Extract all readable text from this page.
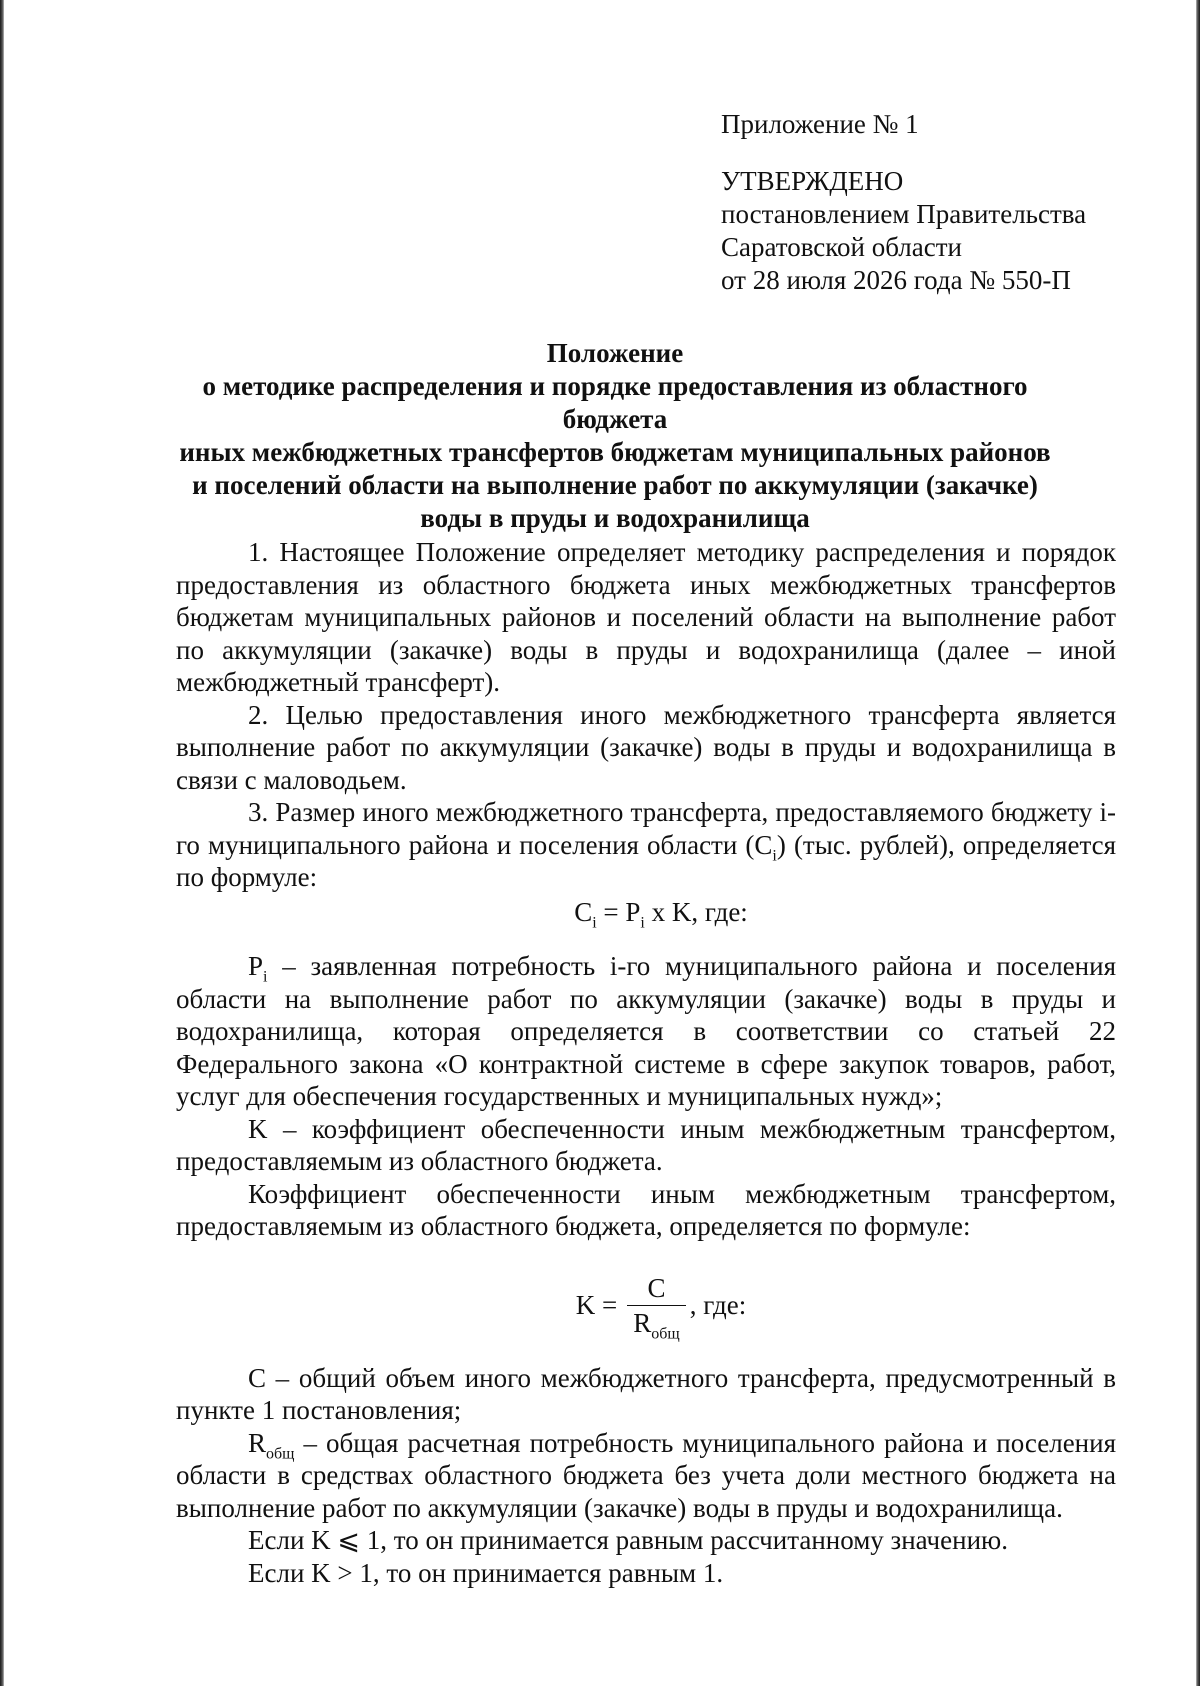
Приложение № 1
УТВЕРЖДЕНО
постановлением Правительства
Саратовской области
от 28 июля 2026 года № 550-П
Положение
о методике распределения и порядке предоставления из областного бюджета
иных межбюджетных трансфертов бюджетам муниципальных районов
и поселений области на выполнение работ по аккумуляции (закачке)
воды в пруды и водохранилища

1. Настоящее Положение определяет методику распределения и порядок предоставления из областного бюджета иных межбюджетных трансфертов бюджетам муниципальных районов и поселений области на выполнение работ по аккумуляции (закачке) воды в пруды и водохранилища (далее – иной межбюджетный трансферт).

2. Целью предоставления иного межбюджетного трансферта является выполнение работ по аккумуляции (закачке) воды в пруды и водохранилища в связи с маловодьем.

3. Размер иного межбюджетного трансферта, предоставляемого бюджету i-го муниципального района и поселения области $(C_i)$ (тыс. рублей), определяется по формуле:

$C_i = P_i$ x K, где:

$P_i$ – заявленная потребность i-го муниципального района и поселения области на выполнение работ по аккумуляции (закачке) воды в пруды и водохранилища, которая определяется в соответствии со статьей 22 Федерального закона «О контрактной системе в сфере закупок товаров, работ, услуг для обеспечения государственных и муниципальных нужд»;

K – коэффициент обеспеченности иным межбюджетным трансфертом, предоставляемым из областного бюджета.

Коэффициент обеспеченности иным межбюджетным трансфертом, предоставляемым из областного бюджета, определяется по формуле:

$K = \frac{C}{R_{общ}}$ , где:

C – общий объем иного межбюджетного трансферта, предусмотренный в пункте 1 постановления;

$R_{общ}$ – общая расчетная потребность муниципального района и поселения области в средствах областного бюджета без учета доли местного бюджета на выполнение работ по аккумуляции (закачке) воды в пруды и водохранилища.

Если K ⩽ 1, то он принимается равным рассчитанному значению.

Если K > 1, то он принимается равным 1.
